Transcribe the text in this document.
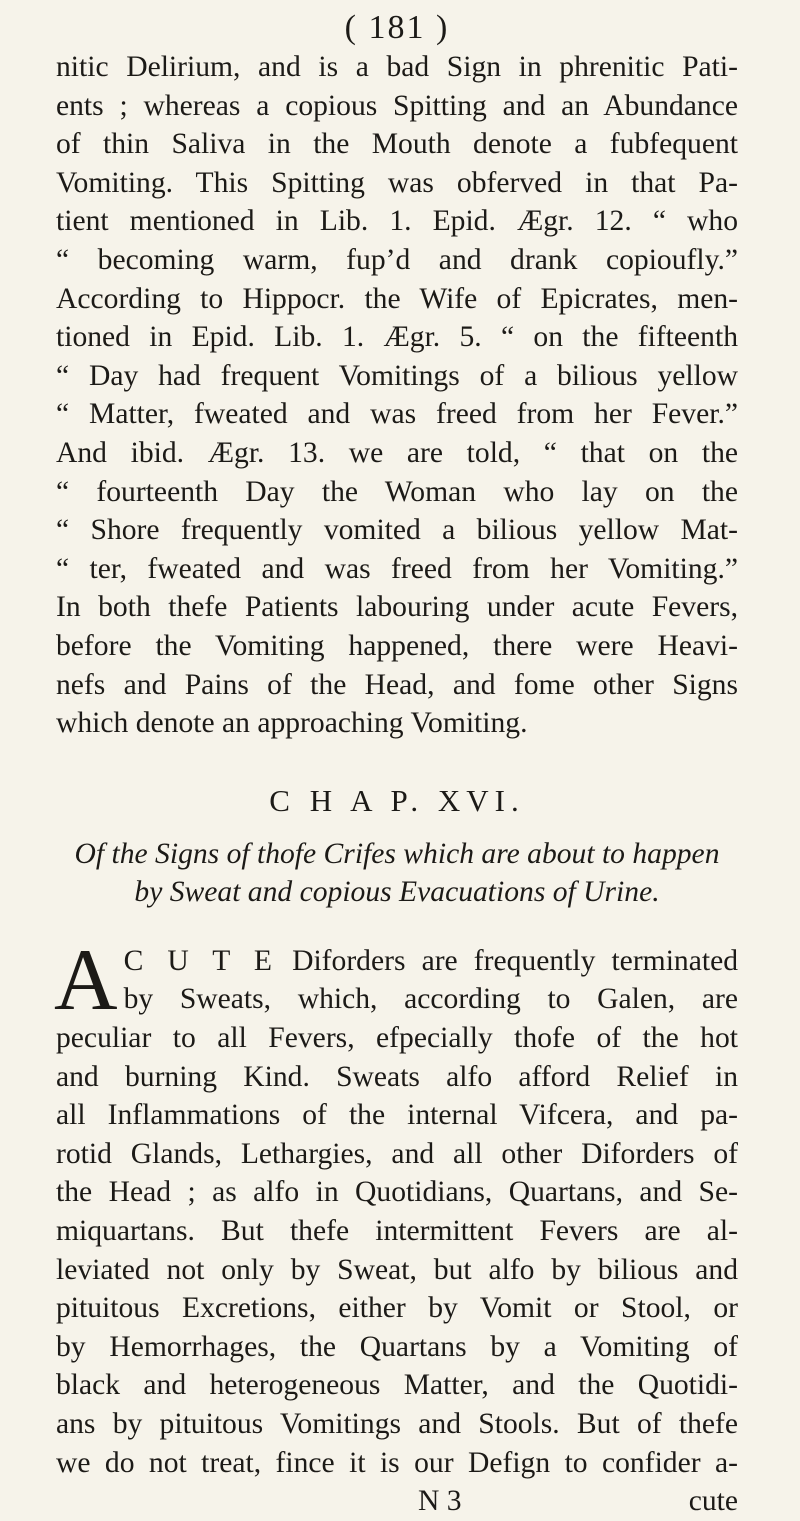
( 181 )
nitic Delirium, and is a bad Sign in phrenitic Pati-
ents ; whereas a copious Spitting and an Abundance
of thin Saliva in the Mouth denote a fubfequent
Vomiting. This Spitting was obferved in that Pa-
tient mentioned in Lib. 1. Epid. Ægr. 12. “ who
“ becoming warm, fup’d and drank copioufly.”
According to Hippocr. the Wife of Epicrates, men-
tioned in Epid. Lib. 1. Ægr. 5. “ on the fifteenth
“ Day had frequent Vomitings of a bilious yellow
“ Matter, fweated and was freed from her Fever.”
And ibid. Ægr. 13. we are told, “ that on the
“ fourteenth Day the Woman who lay on the
“ Shore frequently vomited a bilious yellow Mat-
“ ter, fweated and was freed from her Vomiting.”
In both thefe Patients labouring under acute Fevers,
before the Vomiting happened, there were Heavi-
nefs and Pains of the Head, and fome other Signs
which denote an approaching Vomiting.
C H A P. XVI.
Of the Signs of thofe Crifes which are about to happen
by Sweat and copious Evacuations of Urine.
A C U T E Diforders are frequently terminated
by Sweats, which, according to Galen, are
peculiar to all Fevers, efpecially thofe of the hot
and burning Kind. Sweats alfo afford Relief in
all Inflammations of the internal Vifcera, and pa-
rotid Glands, Lethargies, and all other Diforders of
the Head ; as alfo in Quotidians, Quartans, and Se-
miquartans. But thefe intermittent Fevers are al-
leviated not only by Sweat, but alfo by bilious and
pituitous Excretions, either by Vomit or Stool, or
by Hemorrhages, the Quartans by a Vomiting of
black and heterogeneous Matter, and the Quotidi-
ans by pituitous Vomitings and Stools. But of thefe
we do not treat, fince it is our Defign to confider a-
N 3	cute
